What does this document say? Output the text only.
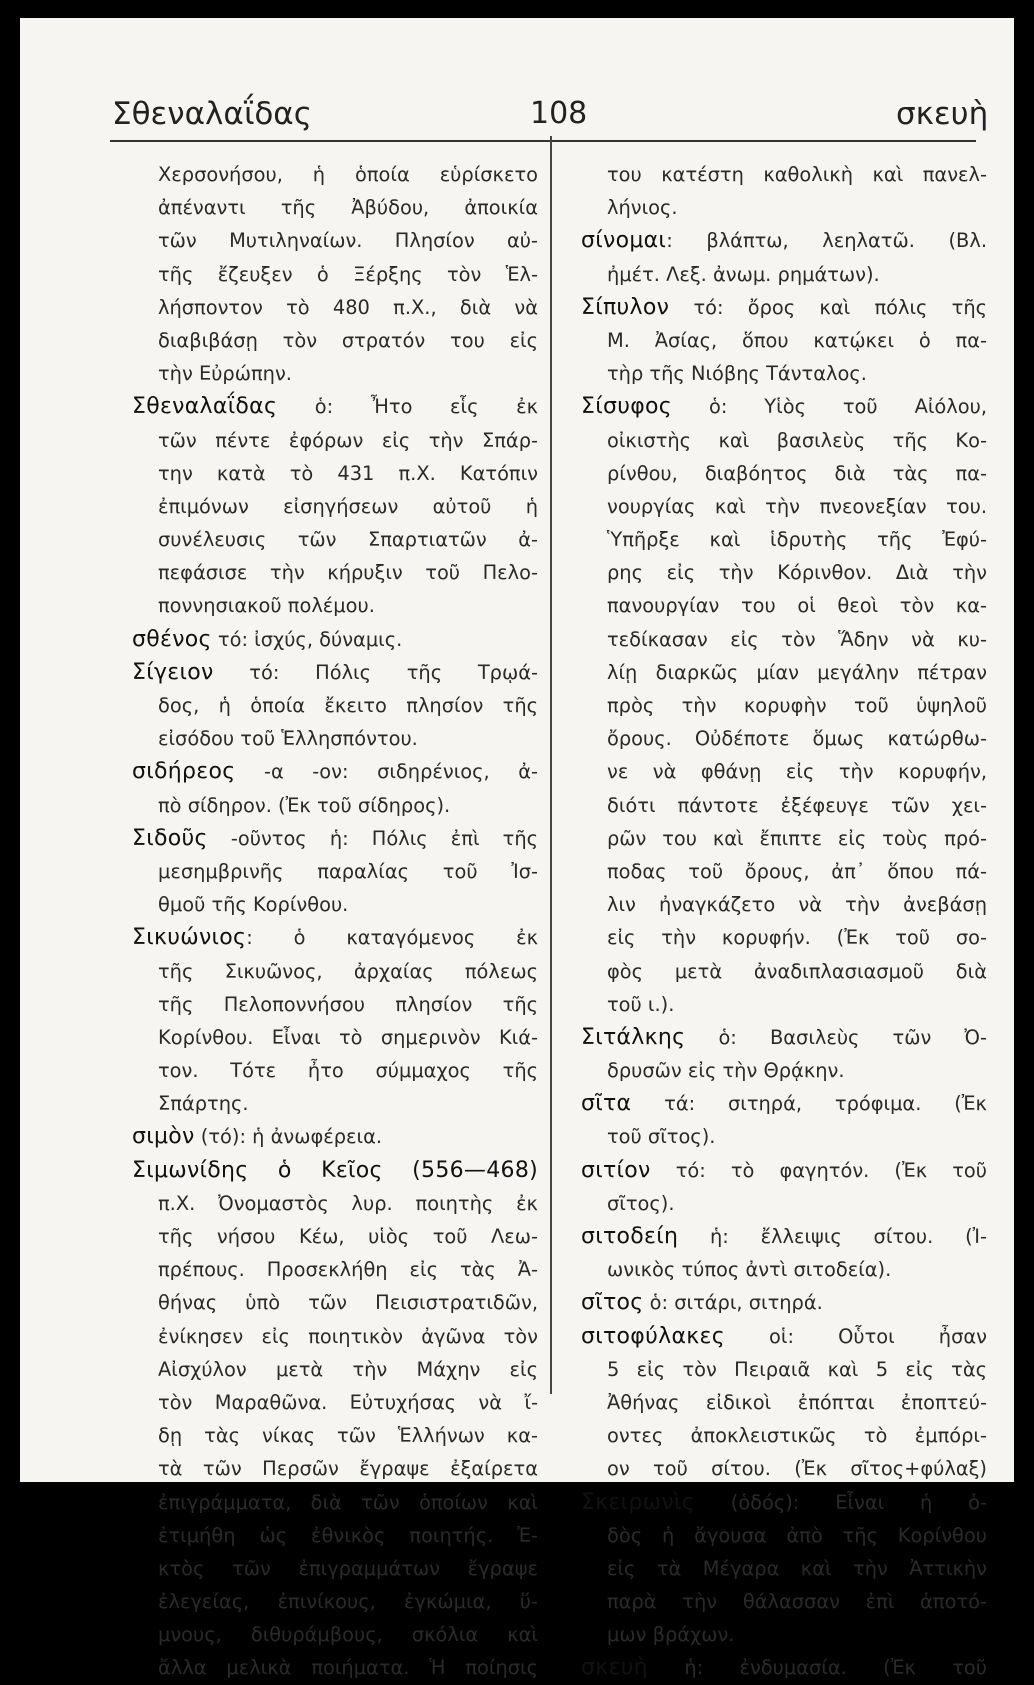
Σθεναλαΐδας	108	σκευὴ
Χερσονήσου, ἡ ὁποία εὑρίσκετο
ἀπέναντι τῆς Ἀβύδου, ἀποικία
τῶν Μυτιληναίων. Πλησίον αὐ-
τῆς ἔζευξεν ὁ Ξέρξης τὸν Ἑλ-
λήσποντον τὸ 480 π.Χ., διὰ νὰ
διαβιβάσῃ τὸν στρατόν του εἰς
τὴν Εὐρώπην.
Σθεναλαΐδας ὁ: Ἦτο εἷς ἐκ
τῶν πέντε ἐφόρων εἰς τὴν Σπάρ-
την κατὰ τὸ 431 π.Χ. Κατόπιν
ἐπιμόνων εἰσηγήσεων αὐτοῦ ἡ
συνέλευσις τῶν Σπαρτιατῶν ἀ-
πεφάσισε τὴν κήρυξιν τοῦ Πελο-
ποννησιακοῦ πολέμου.
σθένος τό: ἰσχύς, δύναμις.
Σίγειον τό: Πόλις τῆς Τρῳά-
δος, ἡ ὁποία ἔκειτο πλησίον τῆς
εἰσόδου τοῦ Ἑλλησπόντου.
σιδήρεος -α -ον: σιδηρένιος, ἀ-
πὸ σίδηρον. (Ἐκ τοῦ σίδηρος).
Σιδοῦς -οῦντος ἡ: Πόλις ἐπὶ τῆς
μεσημβρινῆς παραλίας τοῦ Ἰσ-
θμοῦ τῆς Κορίνθου.
Σικυώνιος: ὁ καταγόμενος ἐκ
τῆς Σικυῶνος, ἀρχαίας πόλεως
τῆς Πελοποννήσου πλησίον τῆς
Κορίνθου. Εἶναι τὸ σημερινὸν Κιά-
τον. Τότε ἦτο σύμμαχος τῆς
Σπάρτης.
σιμὸν (τό): ἡ ἀνωφέρεια.
Σιμωνίδης ὁ Κεῖος (556—468)
π.Χ. Ὀνομαστὸς λυρ. ποιητὴς ἐκ
τῆς νήσου Κέω, υἱὸς τοῦ Λεω-
πρέπους. Προσεκλήθη εἰς τὰς Ἀ-
θήνας ὑπὸ τῶν Πεισιστρατιδῶν,
ἐνίκησεν εἰς ποιητικὸν ἀγῶνα τὸν
Αἰσχύλον μετὰ τὴν Μάχην εἰς
τὸν Μαραθῶνα. Εὐτυχήσας νὰ ἴ-
δῃ τὰς νίκας τῶν Ἑλλήνων κα-
τὰ τῶν Περσῶν ἔγραψε ἐξαίρετα
ἐπιγράμματα, διὰ τῶν ὁποίων καὶ
ἐτιμήθη ὡς ἐθνικὸς ποιητής. Ἐ-
κτὸς τῶν ἐπιγραμμάτων ἔγραψε
ἐλεγείας, ἐπινίκους, ἐγκώμια, ὕ-
μνους, διθυράμβους, σκόλια καὶ
ἄλλα μελικὰ ποιήματα. Ἡ ποίησις
του κατέστη καθολικὴ καὶ πανελ-
λήνιος.
σίνομαι: βλάπτω, λεηλατῶ. (Βλ.
ἠμέτ. Λεξ. ἀνωμ. ρημάτων).
Σίπυλον τό: ὄρος καὶ πόλις τῆς
Μ. Ἀσίας, ὅπου κατῴκει ὁ πα-
τὴρ τῆς Νιόβης Τάνταλος.
Σίσυφος ὁ: Υἱὸς τοῦ Αἰόλου,
οἰκιστὴς καὶ βασιλεὺς τῆς Κο-
ρίνθου, διαβόητος διὰ τὰς πα-
νουργίας καὶ τὴν πνεονεξίαν του.
Ὑπῆρξε καὶ ἱδρυτὴς τῆς Ἐφύ-
ρης εἰς τὴν Κόρινθον. Διὰ τὴν
πανουργίαν του οἱ θεοὶ τὸν κα-
τεδίκασαν εἰς τὸν Ἅδην νὰ κυ-
λίῃ διαρκῶς μίαν μεγάλην πέτραν
πρὸς τὴν κορυφὴν τοῦ ὑψηλοῦ
ὄρους. Οὐδέποτε ὅμως κατώρθω-
νε νὰ φθάνῃ εἰς τὴν κορυφήν,
διότι πάντοτε ἐξέφευγε τῶν χει-
ρῶν του καὶ ἔπιπτε εἰς τοὺς πρό-
ποδας τοῦ ὄρους, ἀπ᾿ ὅπου πά-
λιν ἠναγκάζετο νὰ τὴν ἀνεβάσῃ
εἰς τὴν κορυφήν. (Ἐκ τοῦ σο-
φὸς μετὰ ἀναδιπλασιασμοῦ διὰ
τοῦ ι.).
Σιτάλκης ὁ: Βασιλεὺς τῶν Ὀ-
δρυσῶν εἰς τὴν Θρᾴκην.
σῖτα τά: σιτηρά, τρόφιμα. (Ἐκ
τοῦ σῖτος).
σιτίον τό: τὸ φαγητόν. (Ἐκ τοῦ
σῖτος).
σιτοδείη ἡ: ἔλλειψις σίτου. (Ἰ-
ωνικὸς τύπος ἀντὶ σιτοδεία).
σῖτος ὁ: σιτάρι, σιτηρά.
σιτοφύλακες οἱ: Οὗτοι ἦσαν
5 εἰς τὸν Πειραιᾶ καὶ 5 εἰς τὰς
Ἀθήνας εἰδικοὶ ἐπόπται ἐποπτεύ-
οντες ἀποκλειστικῶς τὸ ἐμπόρι-
ον τοῦ σίτου. (Ἐκ σῖτος+φύλαξ)
Σκειρωνὶς (ὁδός): Εἶναι ἡ ὁ-
δὸς ἡ ἄγουσα ἀπὸ τῆς Κορίνθου
εἰς τὰ Μέγαρα καὶ τὴν Ἀττικὴν
παρὰ τὴν θάλασσαν ἐπὶ ἀποτό-
μων βράχων.
σκευὴ ἡ: ἐνδυμασία. (Ἐκ τοῦ
